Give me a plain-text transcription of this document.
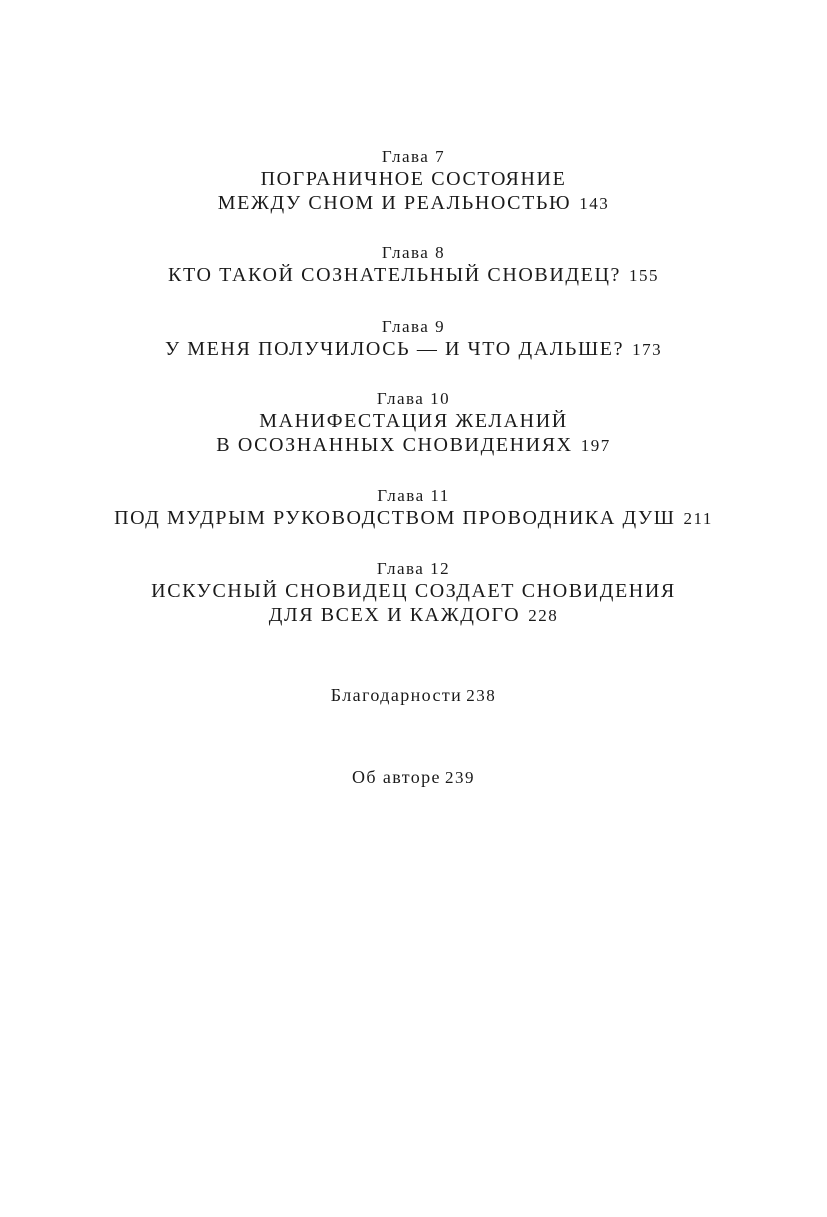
Глава 7
ПОГРАНИЧНОЕ СОСТОЯНИЕ
МЕЖДУ СНОМ И РЕАЛЬНОСТЬЮ 143
Глава 8
КТО ТАКОЙ СОЗНАТЕЛЬНЫЙ СНОВИДЕЦ? 155
Глава 9
У МЕНЯ ПОЛУЧИЛОСЬ — И ЧТО ДАЛЬШЕ? 173
Глава 10
МАНИФЕСТАЦИЯ ЖЕЛАНИЙ
В ОСОЗНАННЫХ СНОВИДЕНИЯХ 197
Глава 11
ПОД МУДРЫМ РУКОВОДСТВОМ ПРОВОДНИКА ДУШ 211
Глава 12
ИСКУСНЫЙ СНОВИДЕЦ СОЗДАЕТ СНОВИДЕНИЯ
ДЛЯ ВСЕХ И КАЖДОГО 228
Благодарности 238
Об авторе 239
